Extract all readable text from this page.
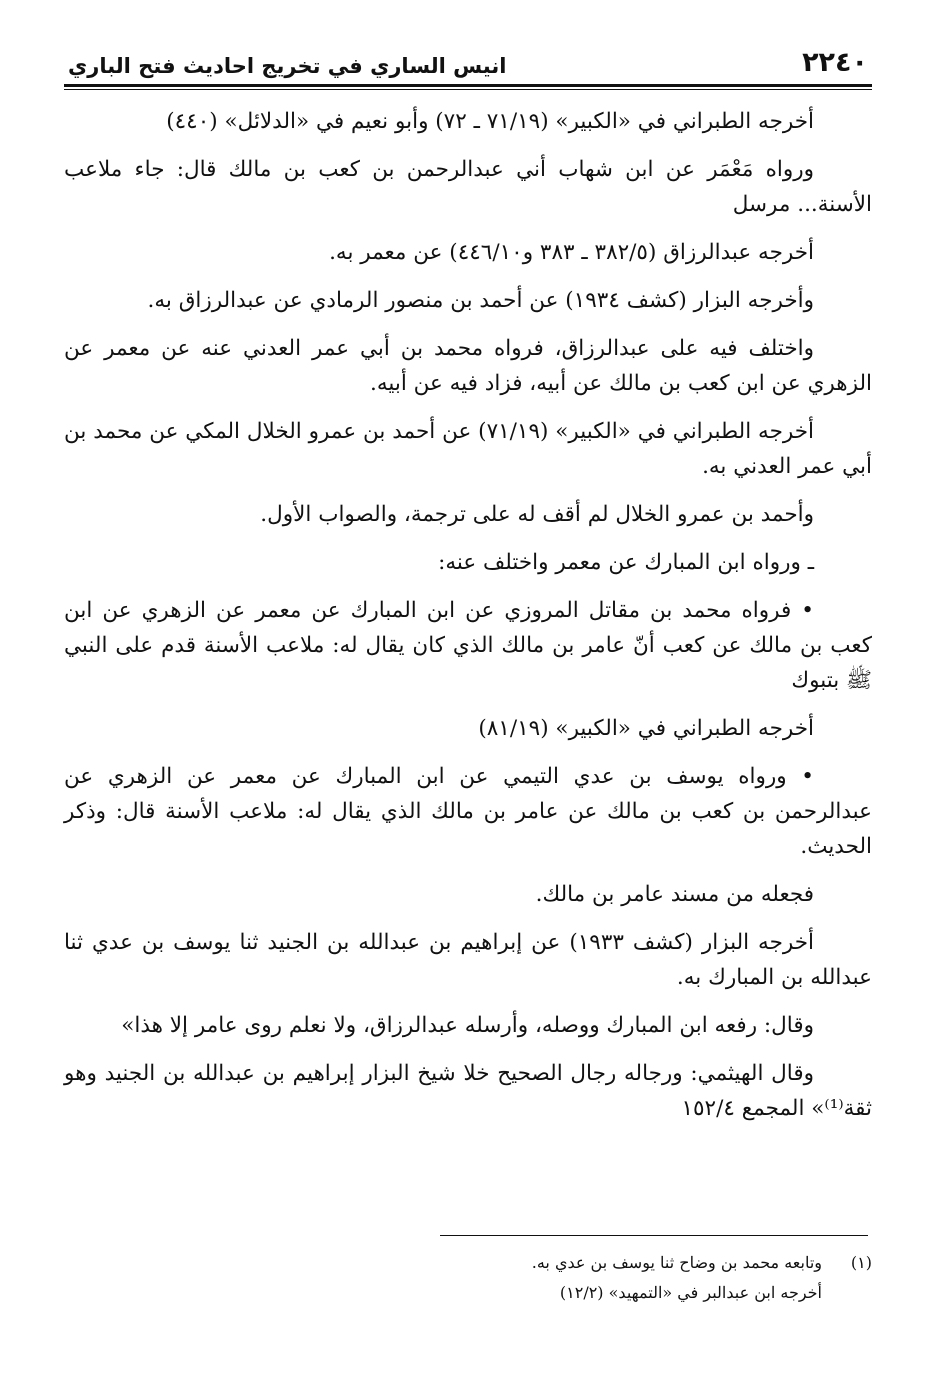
٢٢٤٠
انيس الساري في تخريج احاديث فتح الباري

أخرجه الطبراني في «الكبير» (٧١/١٩ ـ ٧٢) وأبو نعيم في «الدلائل» (٤٤٠)

ورواه مَعْمَر عن ابن شهاب أني عبدالرحمن بن كعب بن مالك قال: جاء ملاعب الأسنة... مرسل

أخرجه عبدالرزاق (٣٨٢/٥ ـ ٣٨٣ و٤٤٦/١٠) عن معمر به.

وأخرجه البزار (كشف ١٩٣٤) عن أحمد بن منصور الرمادي عن عبدالرزاق به.

واختلف فيه على عبدالرزاق، فرواه محمد بن أبي عمر العدني عنه عن معمر عن الزهري عن ابن كعب بن مالك عن أبيه، فزاد فيه عن أبيه.

أخرجه الطبراني في «الكبير» (٧١/١٩) عن أحمد بن عمرو الخلال المكي عن محمد بن أبي عمر العدني به.

وأحمد بن عمرو الخلال لم أقف له على ترجمة، والصواب الأول.

ـ ورواه ابن المبارك عن معمر واختلف عنه:

• فرواه محمد بن مقاتل المروزي عن ابن المبارك عن معمر عن الزهري عن ابن كعب بن مالك عن كعب أنّ عامر بن مالك الذي كان يقال له: ملاعب الأسنة قدم على النبي ﷺ بتبوك

أخرجه الطبراني في «الكبير» (٨١/١٩)

• ورواه يوسف بن عدي التيمي عن ابن المبارك عن معمر عن الزهري عن عبدالرحمن بن كعب بن مالك عن عامر بن مالك الذي يقال له: ملاعب الأسنة قال: وذكر الحديث.

فجعله من مسند عامر بن مالك.

أخرجه البزار (كشف ١٩٣٣) عن إبراهيم بن عبدالله بن الجنيد ثنا يوسف بن عدي ثنا عبدالله بن المبارك به.

وقال: رفعه ابن المبارك ووصله، وأرسله عبدالرزاق، ولا نعلم روى عامر إلا هذا»

وقال الهيثمي: ورجاله رجال الصحيح خلا شيخ البزار إبراهيم بن عبدالله بن الجنيد وهو ثقة⁽¹⁾» المجمع ١٥٢/٤

(١)
وتابعه محمد بن وضاح ثنا يوسف بن عدي به.
أخرجه ابن عبدالبر في «التمهيد» (١٢/٢)
